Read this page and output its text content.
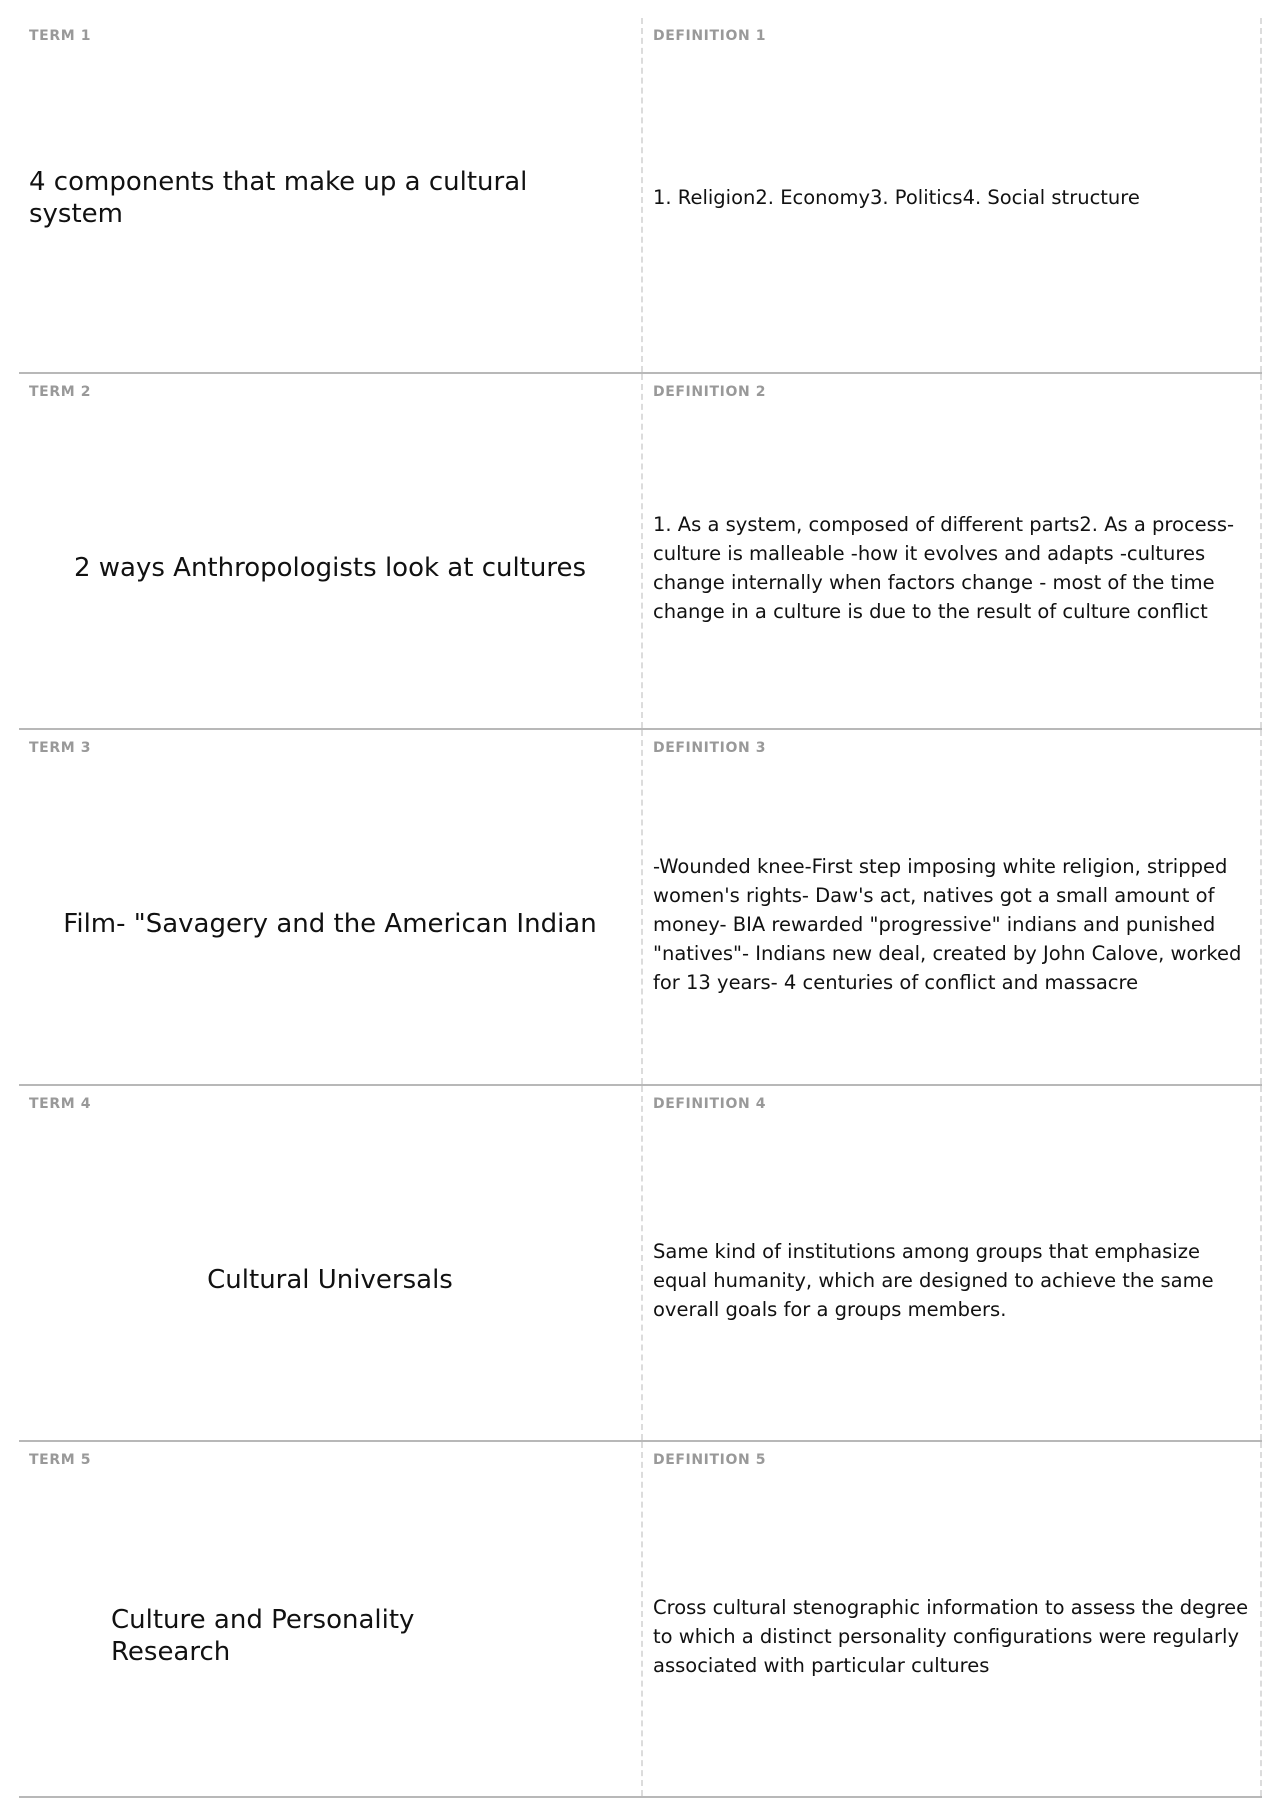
TERM 1
4 components that make up a cultural system
DEFINITION 1
1. Religion2. Economy3. Politics4. Social structure
TERM 2
2 ways Anthropologists look at cultures
DEFINITION 2
1. As a system, composed of different parts2. As a process- culture is malleable -how it evolves and adapts -cultures change internally when factors change - most of the time change in a culture is due to the result of culture conflict
TERM 3
Film- "Savagery and the American Indian
DEFINITION 3
-Wounded knee-First step imposing white religion, stripped women's rights- Daw's act, natives got a small amount of money- BIA rewarded "progressive" indians and punished "natives"- Indians new deal, created by John Calove, worked for 13 years- 4 centuries of conflict and massacre
TERM 4
Cultural Universals
DEFINITION 4
Same kind of institutions among groups that emphasize equal humanity, which are designed to achieve the same overall goals for a groups members.
TERM 5
Culture and Personality Research
DEFINITION 5
Cross cultural stenographic information to assess the degree to which a distinct personality configurations were regularly associated with particular cultures
